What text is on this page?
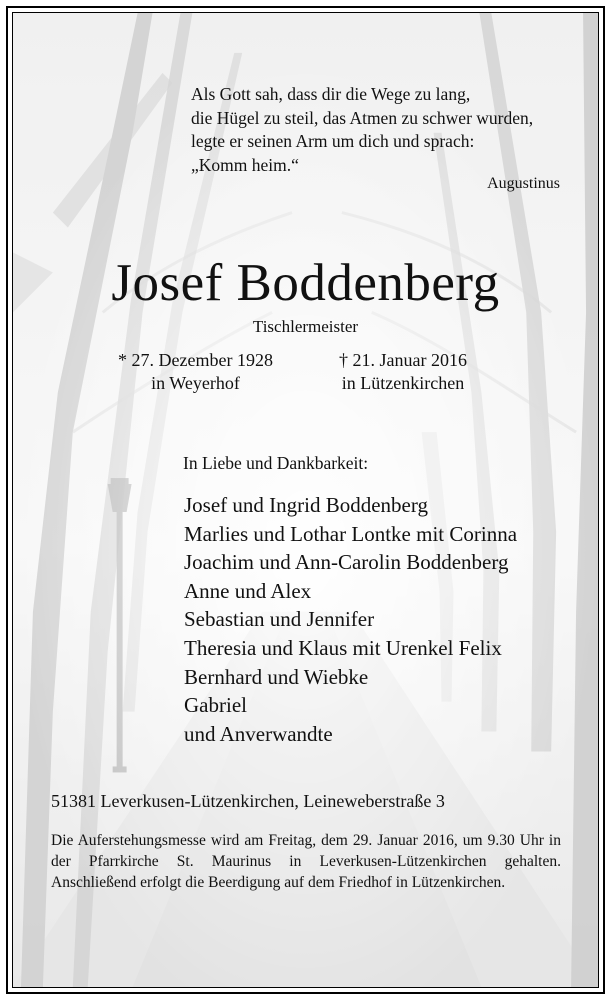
Als Gott sah, dass dir die Wege zu lang,
die Hügel zu steil, das Atmen zu schwer wurden,
legte er seinen Arm um dich und sprach:
„Komm heim.“
Augustinus
Josef Boddenberg
Tischlermeister
* 27. Dezember 1928
in Weyerhof
† 21. Januar 2016
in Lützenkirchen
In Liebe und Dankbarkeit:
Josef und Ingrid Boddenberg
Marlies und Lothar Lontke mit Corinna
Joachim und Ann-Carolin Boddenberg
Anne und Alex
Sebastian und Jennifer
Theresia und Klaus mit Urenkel Felix
Bernhard und Wiebke
Gabriel
und Anverwandte
51381 Leverkusen-Lützenkirchen, Leineweberstraße 3
Die Auferstehungsmesse wird am Freitag, dem 29. Januar 2016, um 9.30 Uhr in der Pfarrkirche St. Maurinus in Leverkusen-Lützenkirchen gehalten. Anschließend erfolgt die Beerdigung auf dem Friedhof in Lützenkirchen.
